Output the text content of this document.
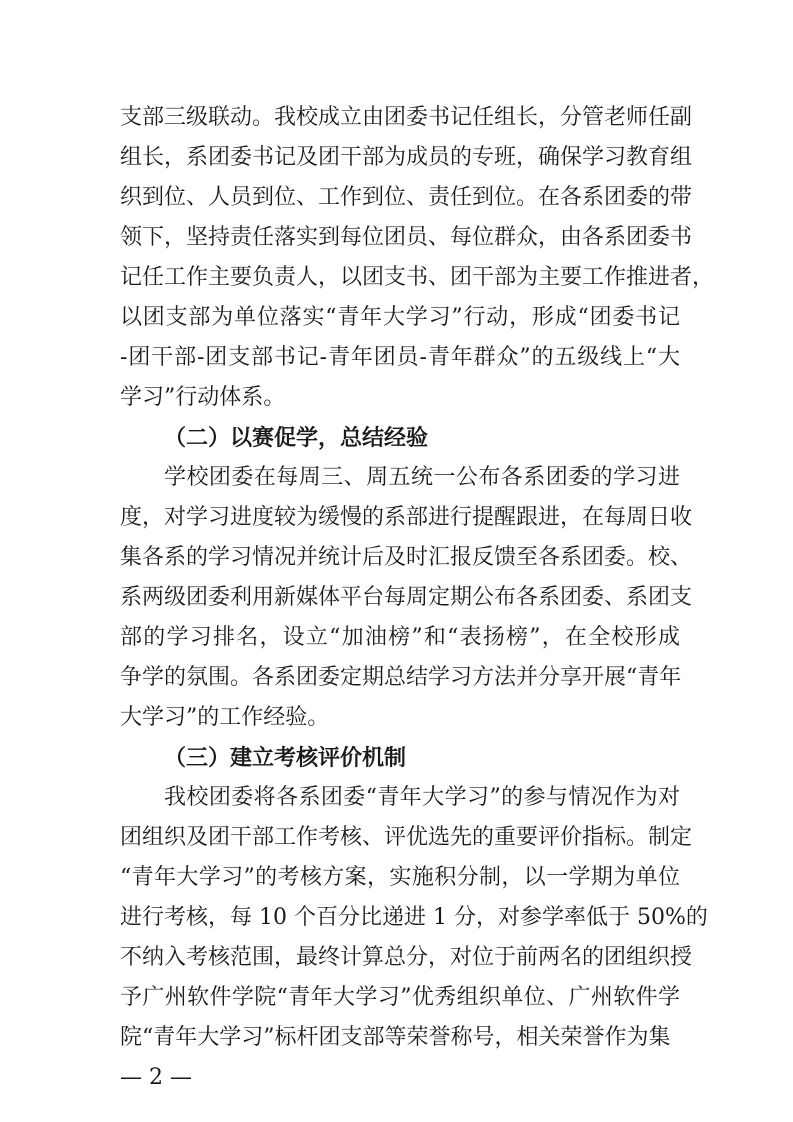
支部三级联动。我校成立由团委书记任组长，分管老师任副
组长，系团委书记及团干部为成员的专班，确保学习教育组
织到位、人员到位、工作到位、责任到位。在各系团委的带
领下，坚持责任落实到每位团员、每位群众，由各系团委书
记任工作主要负责人，以团支书、团干部为主要工作推进者，
以团支部为单位落实“青年大学习”行动，形成“团委书记
-团干部-团支部书记-青年团员-青年群众”的五级线上“大
学习”行动体系。
（二）以赛促学，总结经验
学校团委在每周三、周五统一公布各系团委的学习进
度，对学习进度较为缓慢的系部进行提醒跟进，在每周日收
集各系的学习情况并统计后及时汇报反馈至各系团委。校、
系两级团委利用新媒体平台每周定期公布各系团委、系团支
部的学习排名，设立“加油榜”和“表扬榜”，在全校形成
争学的氛围。各系团委定期总结学习方法并分享开展“青年
大学习”的工作经验。
（三）建立考核评价机制
我校团委将各系团委“青年大学习”的参与情况作为对
团组织及团干部工作考核、评优选先的重要评价指标。制定
“青年大学习”的考核方案，实施积分制，以一学期为单位
进行考核，每 10 个百分比递进 1 分，对参学率低于 50%的
不纳入考核范围，最终计算总分，对位于前两名的团组织授
— 2 —
予广州软件学院“青年大学习”优秀组织单位、广州软件学
院“青年大学习”标杆团支部等荣誉称号，相关荣誉作为集
